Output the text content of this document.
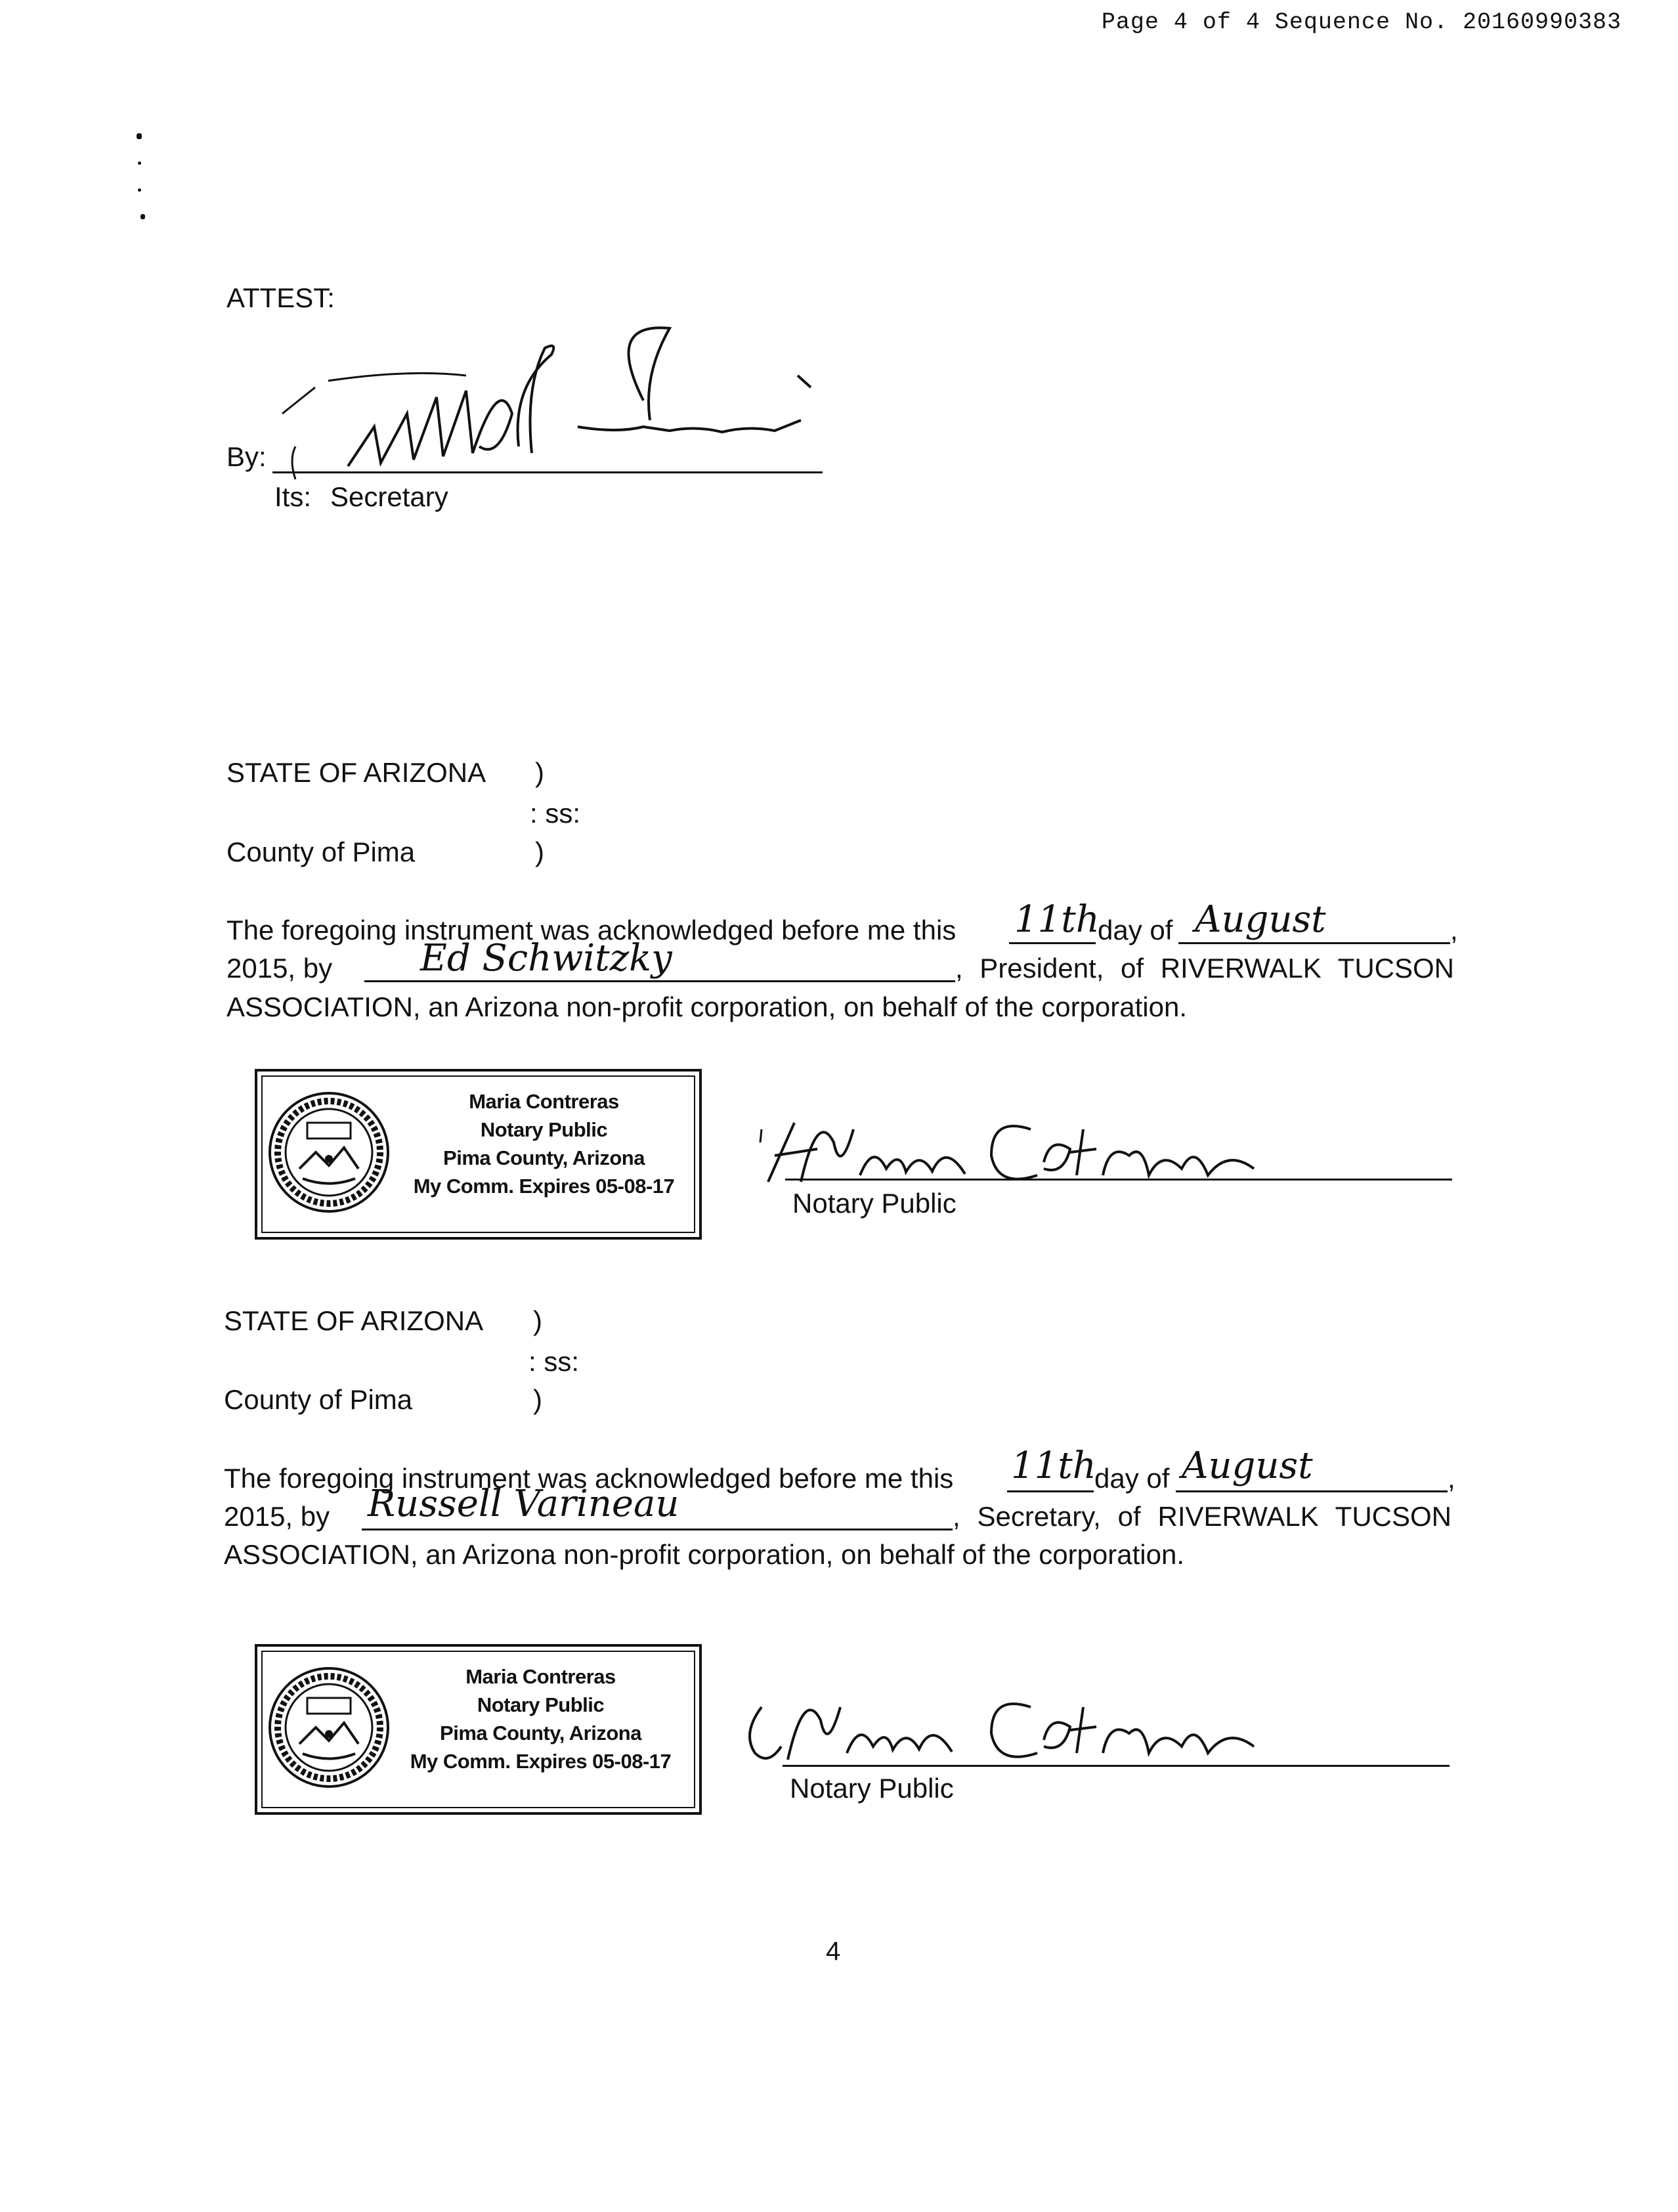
Page 4 of 4 Sequence No. 20160990383
ATTEST:
By:
Its: Secretary
STATE OF ARIZONA )
: ss:
County of Pima	)
The foregoing instrument was acknowledged before me this 11th
day of August	,
2015, by Ed Schwitzky	, President, of RIVERWALK TUCSON
ASSOCIATION, an Arizona non-profit corporation, on behalf of the corporation.
Maria Contreras
Notary Public
Pima County, Arizona
My Comm. Expires 05-08-17
Notary Public
STATE OF ARIZONA )
: ss:
County of Pima	)
The foregoing instrument was acknowledged before me this 11th
day of August	,
2015, by Russell Varineau	, Secretary, of RIVERWALK TUCSON
ASSOCIATION, an Arizona non-profit corporation, on behalf of the corporation.
Maria Contreras
Notary Public
Pima County, Arizona
My Comm. Expires 05-08-17
Notary Public
4
